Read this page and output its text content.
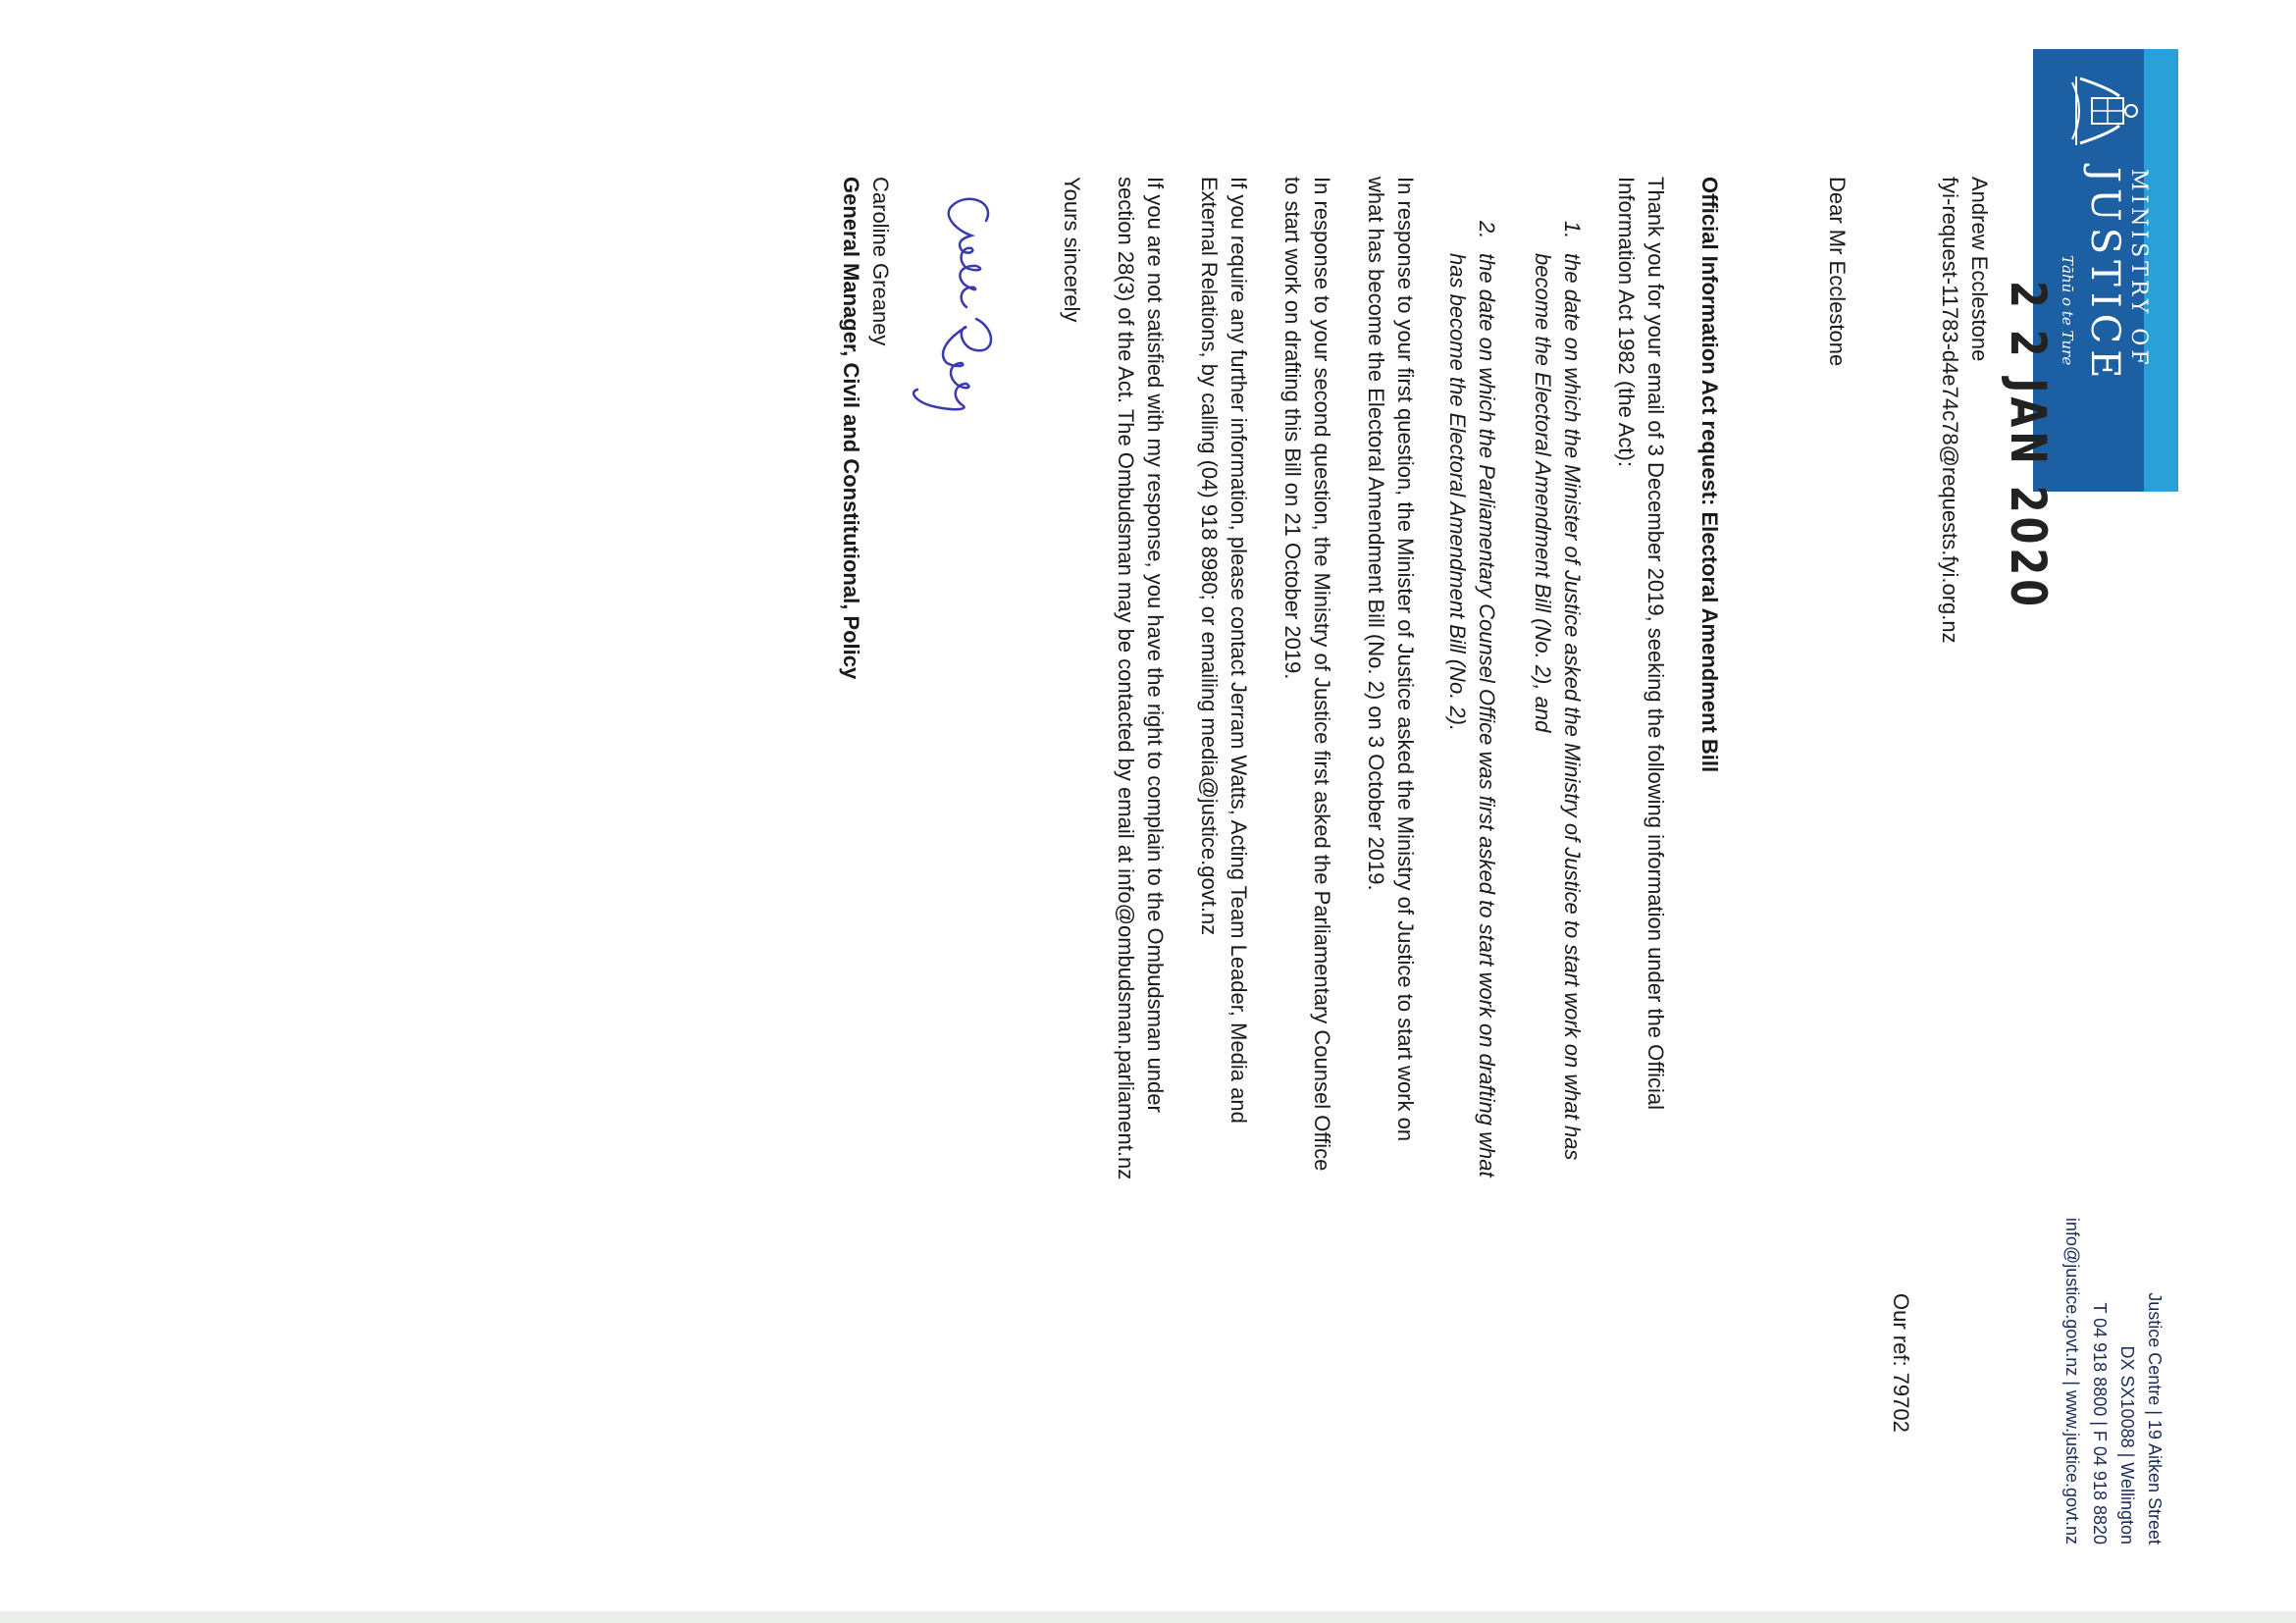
MINISTRY OF
JUSTICE
Tāhū o te Ture
Justice Centre | 19 Aitken Street
DX SX10088 | Wellington
T 04 918 8800 | F 04 918 8820
info@justice.govt.nz | www.justice.govt.nz
2 2 JAN 2020
Andrew Ecclestone
fyi-request-11783-d4e74c78@requests.fyi.org.nz
Our ref: 79702
Dear Mr Ecclestone
Official Information Act request: Electoral Amendment Bill
Thank you for your email of 3 December 2019, seeking the following information under the Official
Information Act 1982 (the Act):
1.
the date on which the Minister of Justice asked the Ministry of Justice to start work on what has
become the Electoral Amendment Bill (No. 2), and
2.
the date on which the Parliamentary Counsel Office was first asked to start work on drafting what
has become the Electoral Amendment Bill (No. 2).
In response to your first question, the Minister of Justice asked the Ministry of Justice to start work on
what has become the Electoral Amendment Bill (No. 2) on 3 October 2019.
In response to your second question, the Ministry of Justice first asked the Parliamentary Counsel Office
to start work on drafting this Bill on 21 October 2019.
If you require any further information, please contact Jerram Watts, Acting Team Leader, Media and
External Relations, by calling (04) 918 8980; or emailing media@justice.govt.nz
If you are not satisfied with my response, you have the right to complain to the Ombudsman under
section 28(3) of the Act. The Ombudsman may be contacted by email at info@ombudsman.parliament.nz
Yours sincerely
Caroline Greaney
General Manager, Civil and Constitutional, Policy
